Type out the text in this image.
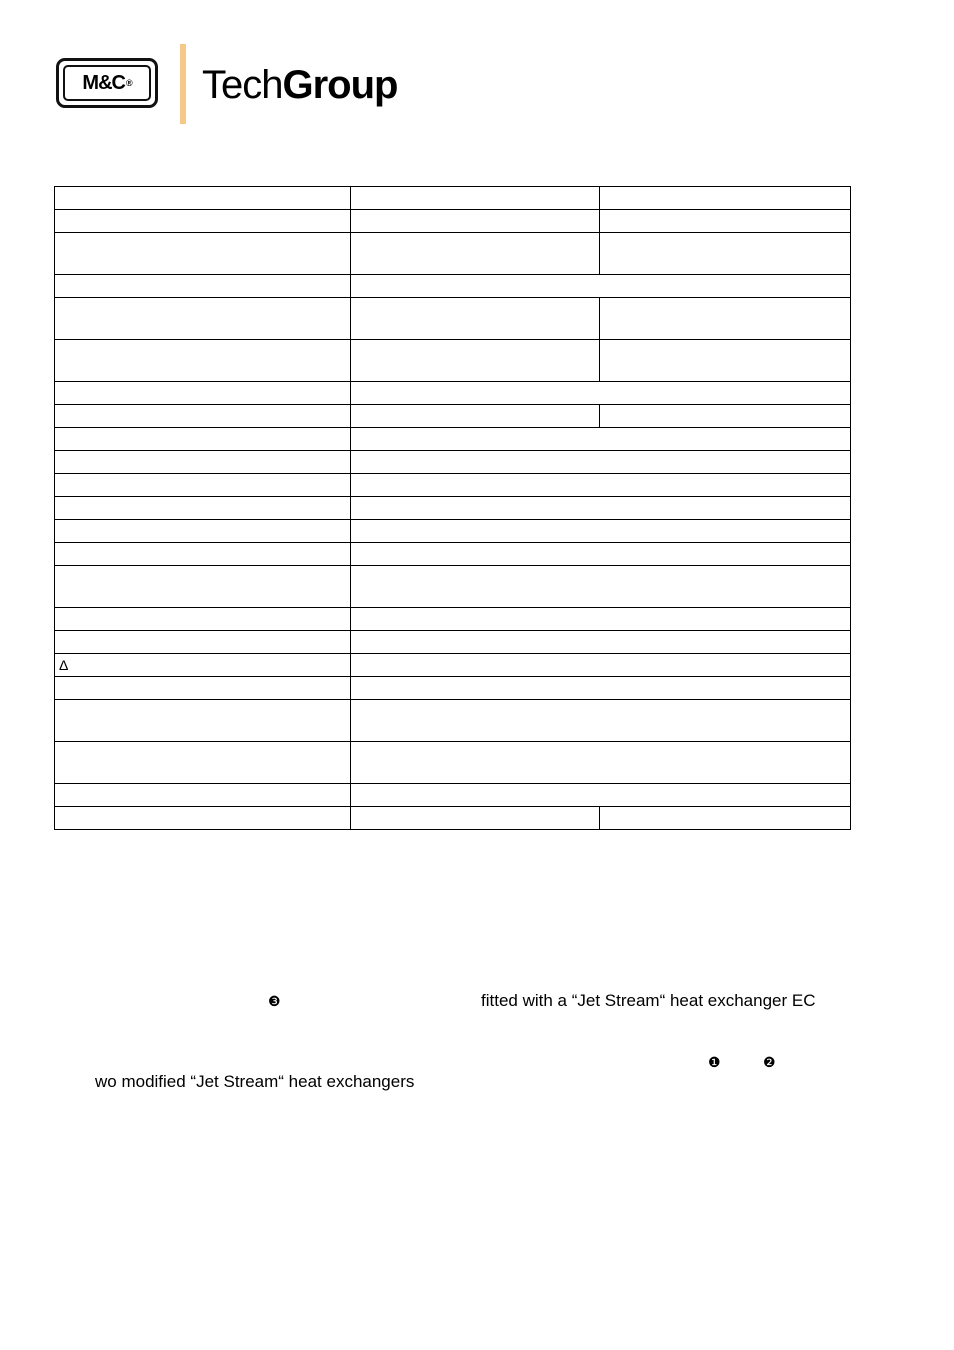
M&C ® TechGroup

Δ		

❸	fitted with a “Jet Stream“ heat exchanger EC
❶	❷
wo modified “Jet Stream“ heat exchangers
